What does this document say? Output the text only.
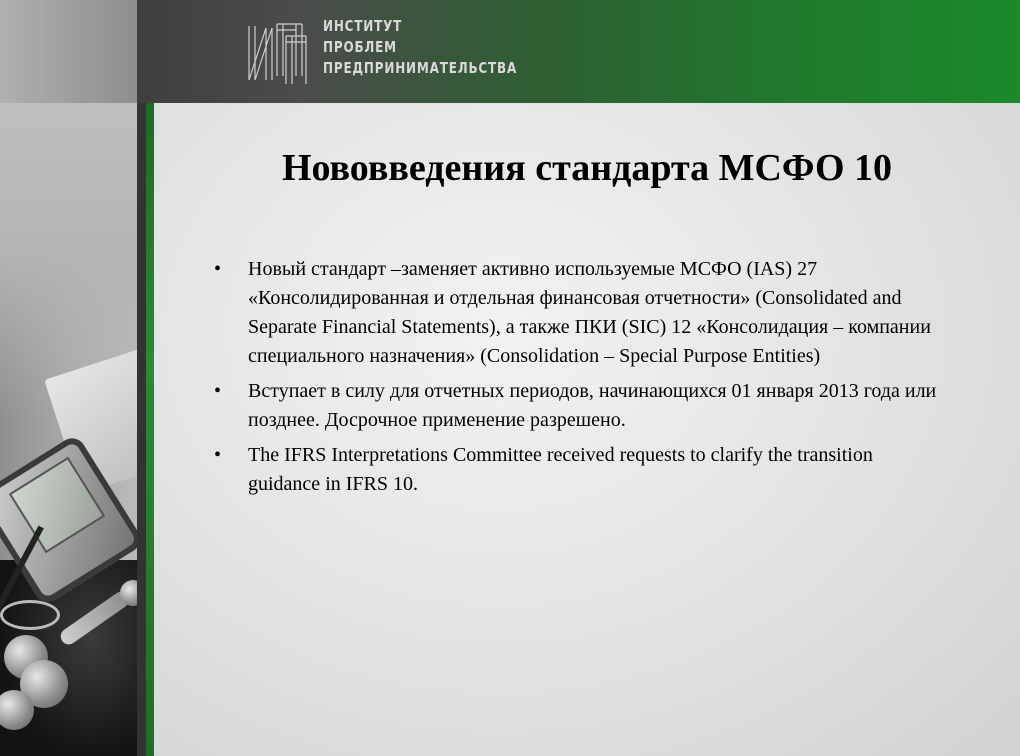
ИНСТИТУТ
ПРОБЛЕМ
ПРЕДПРИНИМАТЕЛЬСТВА
Нововведения стандарта МСФО 10
• Новый стандарт –заменяет активно используемые МСФО (IAS) 27 «Консолидированная и отдельная финансовая отчетности» (Consolidated and Separate Financial Statements), а также ПКИ (SIC) 12 «Консолидация – компании специального назначения» (Consolidation – Special Purpose Entities)
• Вступает в силу для отчетных периодов, начинающихся 01 января 2013 года или позднее. Досрочное применение разрешено.
• The IFRS Interpretations Committee received requests to clarify the transition guidance in IFRS 10.
